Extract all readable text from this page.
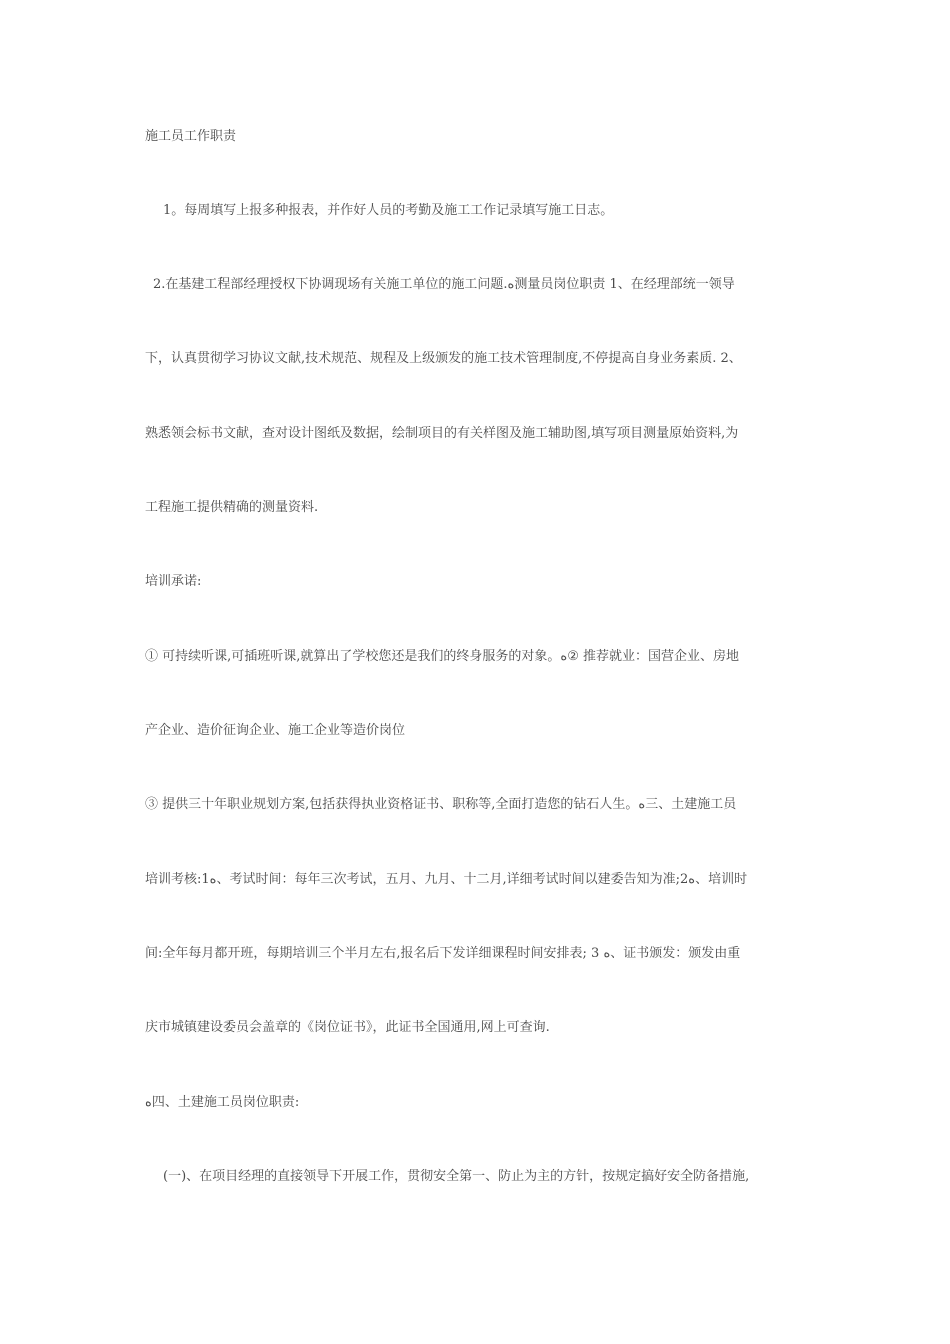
施工员工作职责
1。每周填写上报多种报表，并作好人员的考勤及施工工作记录填写施工日志。
2.在基建工程部经理授权下协调现场有关施工单位的施工问题.ﻩ测量员岗位职责 1、在经理部统一领导
下，认真贯彻学习协议文献,技术规范、规程及上级颁发的施工技术管理制度,不停提高自身业务素质. 2、
熟悉领会标书文献，查对设计图纸及数据，绘制项目的有关样图及施工辅助图,填写项目测量原始资料,为
工程施工提供精确的测量资料.
培训承诺:
① 可持续听课,可插班听课,就算出了学校您还是我们的终身服务的对象。ﻩ② 推荐就业：国营企业、房地
产企业、造价征询企业、施工企业等造价岗位
③ 提供三十年职业规划方案,包括获得执业资格证书、职称等,全面打造您的钻石人生。ﻩ三、土建施工员
培训考核:1ﻩ、考试时间：每年三次考试，五月、九月、十二月,详细考试时间以建委告知为准;2ﻩ、培训时
间:全年每月都开班，每期培训三个半月左右,报名后下发详细课程时间安排表; 3 ﻩ、证书颁发：颁发由重
庆市城镇建设委员会盖章的《岗位证书》，此证书全国通用,网上可查询.
ﻩ四、土建施工员岗位职责:
(一)、在项目经理的直接领导下开展工作，贯彻安全第一、防止为主的方针，按规定搞好安全防备措施,
